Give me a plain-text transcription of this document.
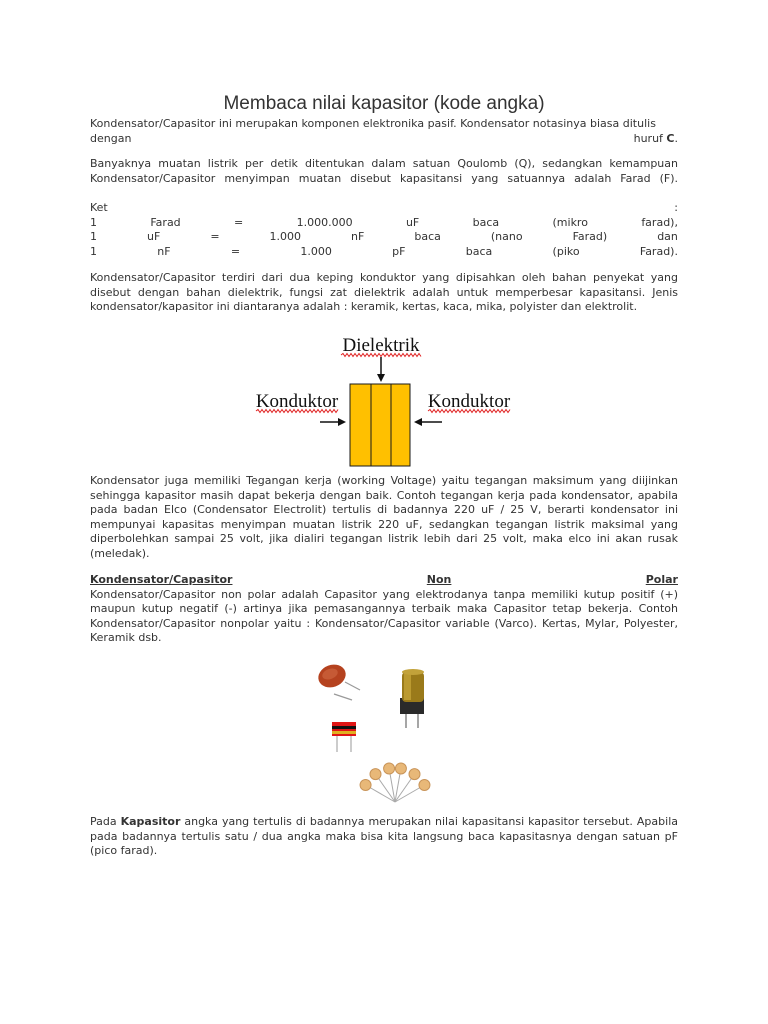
Membaca nilai kapasitor (kode angka)

Kondensator/Capasitor ini merupakan komponen elektronika pasif. Kondensator notasinya biasa ditulis

dengan	huruf C.

Banyaknya muatan listrik per detik ditentukan dalam satuan Qoulomb (Q), sedangkan kemampuan Kondensator/Capasitor menyimpan muatan disebut kapasitansi yang satuannya adalah Farad (F).

Ket	:
1	Farad	=	1.000.000	uF	baca	(mikro	farad),
1	uF	=	1.000	nF	baca	(nano	Farad)	dan
1	nF	=	1.000	pF	baca	(piko	Farad).

Kondensator/Capasitor terdiri dari dua keping konduktor yang dipisahkan oleh bahan penyekat yang disebut dengan bahan dielektrik, fungsi zat dielektrik adalah untuk memperbesar kapasitansi. Jenis kondensator/kapasitor ini diantaranya adalah : keramik, kertas, kaca, mika, polyister dan elektrolit.

Kondensator juga memiliki Tegangan kerja (working Voltage) yaitu tegangan maksimum yang diijinkan sehingga kapasitor masih dapat bekerja dengan baik. Contoh tegangan kerja pada kondensator, apabila pada badan Elco (Condensator Electrolit) tertulis di badannya 220 uF / 25 V, berarti kondensator ini mempunyai kapasitas menyimpan muatan listrik 220 uF, sedangkan tegangan listrik maksimal yang diperbolehkan sampai 25 volt, jika dialiri tegangan listrik lebih dari 25 volt, maka elco ini akan rusak (meledak).

Kondensator/Capasitor	Non	Polar

Kondensator/Capasitor non polar adalah Capasitor yang elektrodanya tanpa memiliki kutup positif (+) maupun kutup negatif (-) artinya jika pemasangannya terbaik maka Capasitor tetap bekerja. Contoh Kondensator/Capasitor nonpolar yaitu : Kondensator/Capasitor variable (Varco). Kertas, Mylar, Polyester, Keramik dsb.

Pada Kapasitor angka yang tertulis di badannya merupakan nilai kapasitansi kapasitor tersebut. Apabila pada badannya tertulis satu / dua angka maka bisa kita langsung baca kapasitasnya dengan satuan pF (pico farad).

Dielektrik
Konduktor	Konduktor
